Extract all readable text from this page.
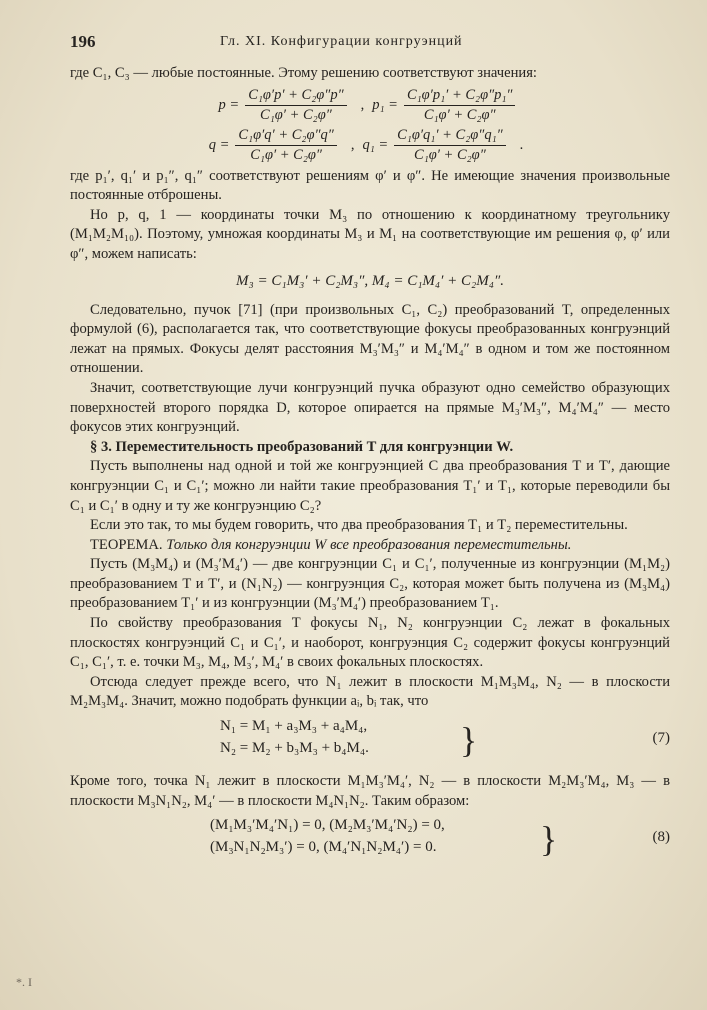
196	Гл. XI. Конфигурации конгруэнций

где C₁, C₃ — любые постоянные. Этому решению соответствуют значения:

$p = \frac{\text{C₁φ′p′ + C₂φ″p″}}{\text{C₁φ′ + C₂φ″}}$ , $p_1 = \frac{\text{C₁φ′p₁′ + C₂φ″p₁″}}{\text{C₁φ′ + C₂φ″}}$
$q = \frac{\text{C₁φ′q′ + C₂φ″q″}}{\text{C₁φ′ + C₂φ″}}$ , $q_1 = \frac{\text{C₁φ′q₁′ + C₂φ″q₁″}}{\text{C₁φ′ + C₂φ″}}$ .

где p₁′, q₁′ и p₁″, q₁″ соответствуют решениям φ′ и φ″. Не имеющие значения произвольные постоянные отброшены.

Но p, q, 1 — координаты точки M₃ по отношению к координатному треугольнику (M₁M₂M₁₀). Поэтому, умножая координаты M₃ и M₁ на соответствующие им решения φ, φ′ или φ″, можем написать:

M₃ = C₁M₃′ + C₂M₃″, M₄ = C₁M₄′ + C₂M₄″.

Следовательно, пучок [71] (при произвольных C₁, C₂) преобразований T, определенных формулой (6), располагается так, что соответствующие фокусы преобразованных конгруэнций лежат на прямых. Фокусы делят расстояния M₃′M₃″ и M₄′M₄″ в одном и том же постоянном отношении.

Значит, соответствующие лучи конгруэнций пучка образуют одно семейство образующих поверхностей второго порядка D, которое опирается на прямые M₃′M₃″, M₄′M₄″ — место фокусов этих конгруэнций.

§ 3. Переместительность преобразований T для конгруэнции W.

Пусть выполнены над одной и той же конгруэнцией C два преобразования T и T′, дающие конгруэнции C₁ и C₁′; можно ли найти такие преобразования T₁′ и T₁, которые переводили бы C₁ и C₁′ в одну и ту же конгруэнцию C₂?

Если это так, то мы будем говорить, что два преобразования T₁ и T₂ переместительны.

ТЕОРЕМА. Только для конгруэнции W все преобразования переместительны.

Пусть (M₃M₄) и (M₃′M₄′) — две конгруэнции C₁ и C₁′, полученные из конгруэнции (M₁M₂) преобразованием T и T′, и (N₁N₂) — конгруэнция C₂, которая может быть получена из (M₃M₄) преобразованием T₁′ и из конгруэнции (M₃′M₄′) преобразованием T₁.

По свойству преобразования T фокусы N₁, N₂ конгруэнции C₂ лежат в фокальных плоскостях конгруэнций C₁ и C₁′, и наоборот, конгруэнция C₂ содержит фокусы конгруэнций C₁, C₁′, т. е. точки M₃, M₄, M₃′, M₄′ в своих фокальных плоскостях.

Отсюда следует прежде всего, что N₁ лежит в плоскости M₁M₃M₄, N₂ — в плоскости M₂M₃M₄. Значит, можно подобрать функции aᵢ, bᵢ так, что

N₁ = M₁ + a₃M₃ + a₄M₄,
N₂ = M₂ + b₃M₃ + b₄M₄.	}	(7)

Кроме того, точка N₁ лежит в плоскости M₁M₃′M₄′, N₂ — в плоскости M₂M₃′M₄, M₃ — в плоскости M₃N₁N₂, M₄′ — в плоскости M₄N₁N₂. Таким образом:

(M₁M₃′M₄′N₁) = 0, (M₂M₃′M₄′N₂) = 0,
(M₃N₁N₂M₃′) = 0, (M₄′N₁N₂M₄′) = 0.	}	(8)
*. I
